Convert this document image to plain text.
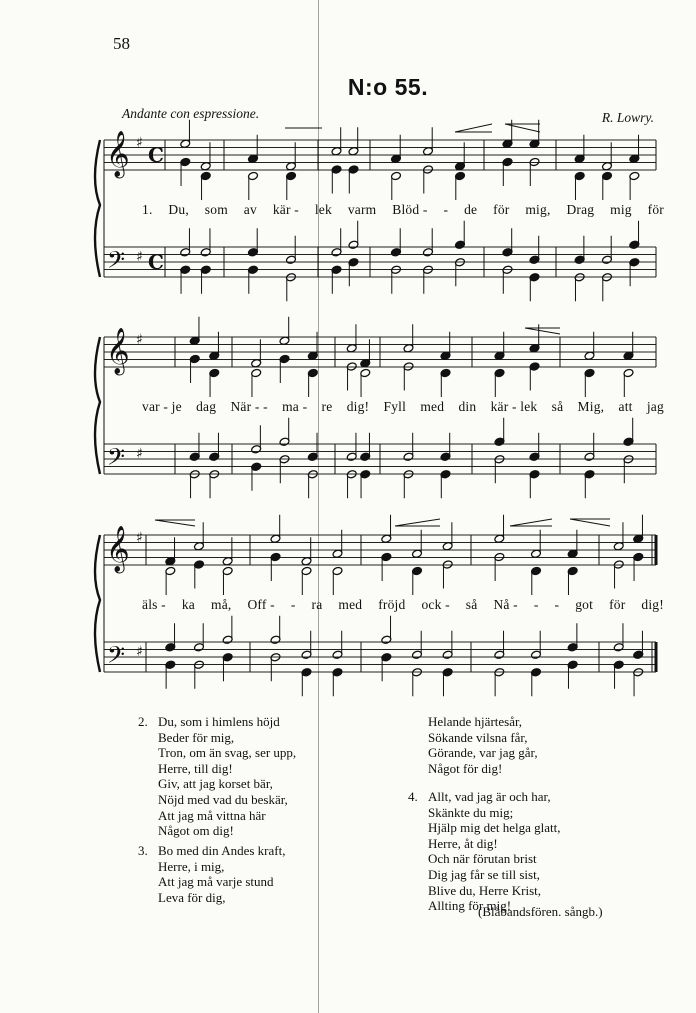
58
N:o 55.
Andante con espressione.	R. Lowry.
𝄞
𝄢
♯
♯
C
C
𝄞
𝄢
♯
♯
𝄞
𝄢
♯
♯
1. Du, som av kär - lek varm Blöd - - de för mig, Drag mig för
var - je dag När - - ma - re dig! Fyll med din kär - lek så Mig, att jag
äls - ka må, Off - - ra med fröjd ock - så Nå - - - got för dig!
2. Du, som i himlens höjd
Beder för mig,
Tron, om än svag, ser upp,
Herre, till dig!
Giv, att jag korset bär,
Nöjd med vad du beskär,
Att jag må vittna här
Något om dig!
3. Bo med din Andes kraft,
Herre, i mig,
Att jag må varje stund
Leva för dig,
Helande hjärtesår,
Sökande vilsna får,
Görande, var jag går,
Något för dig!
4. Allt, vad jag är och har,
Skänkte du mig;
Hjälp mig det helga glatt,
Herre, åt dig!
Och när förutan brist
Dig jag får se till sist,
Blive du, Herre Krist,
Allting för mig!
(Blåbandsfören. sångb.)
